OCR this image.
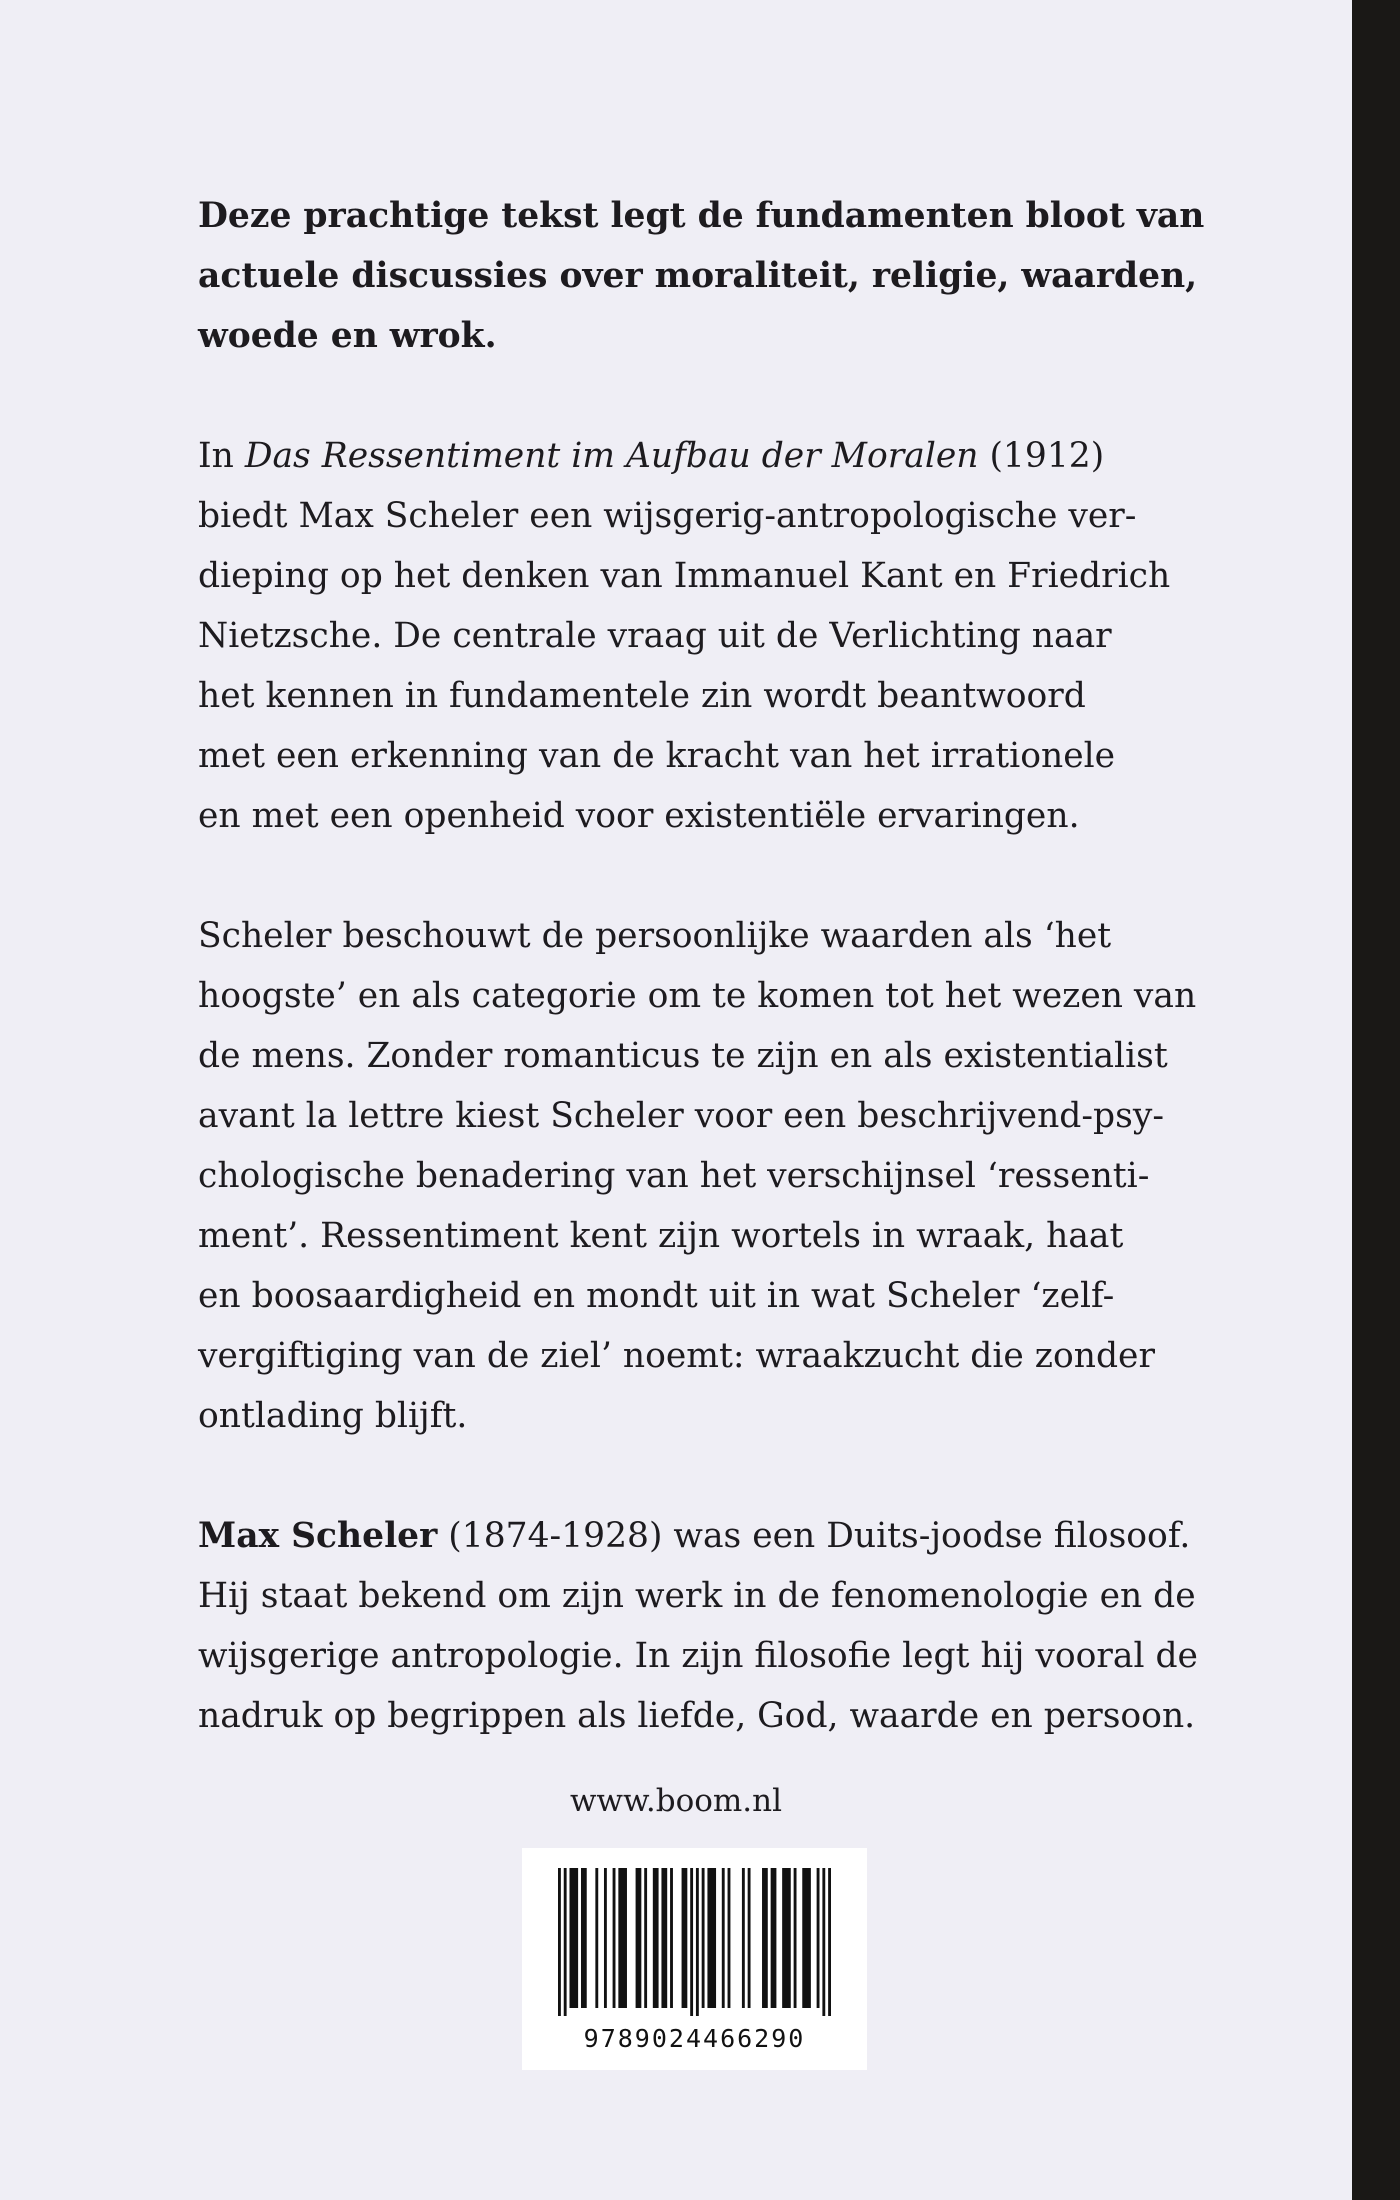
Deze prachtige tekst legt de fundamenten bloot van
actuele discussies over moraliteit, religie, waarden,
woede en wrok.

In Das Ressentiment im Aufbau der Moralen (1912)
biedt Max Scheler een wijsgerig-antropologische ver-
dieping op het denken van Immanuel Kant en Friedrich
Nietzsche. De centrale vraag uit de Verlichting naar
het kennen in fundamentele zin wordt beantwoord
met een erkenning van de kracht van het irrationele
en met een openheid voor existentiële ervaringen.

Scheler beschouwt de persoonlijke waarden als ‘het
hoogste’ en als categorie om te komen tot het wezen van
de mens. Zonder romanticus te zijn en als existentialist
avant la lettre kiest Scheler voor een beschrijvend-psy-
chologische benadering van het verschijnsel ‘ressenti-
ment’. Ressentiment kent zijn wortels in wraak, haat
en boosaardigheid en mondt uit in wat Scheler ‘zelf-
vergiftiging van de ziel’ noemt: wraakzucht die zonder
ontlading blijft.

Max Scheler (1874-1928) was een Duits-joodse filosoof.
Hij staat bekend om zijn werk in de fenomenologie en de
wijsgerige antropologie. In zijn filosofie legt hij vooral de
nadruk op begrippen als liefde, God, waarde en persoon.

www.boom.nl
9789024466290
